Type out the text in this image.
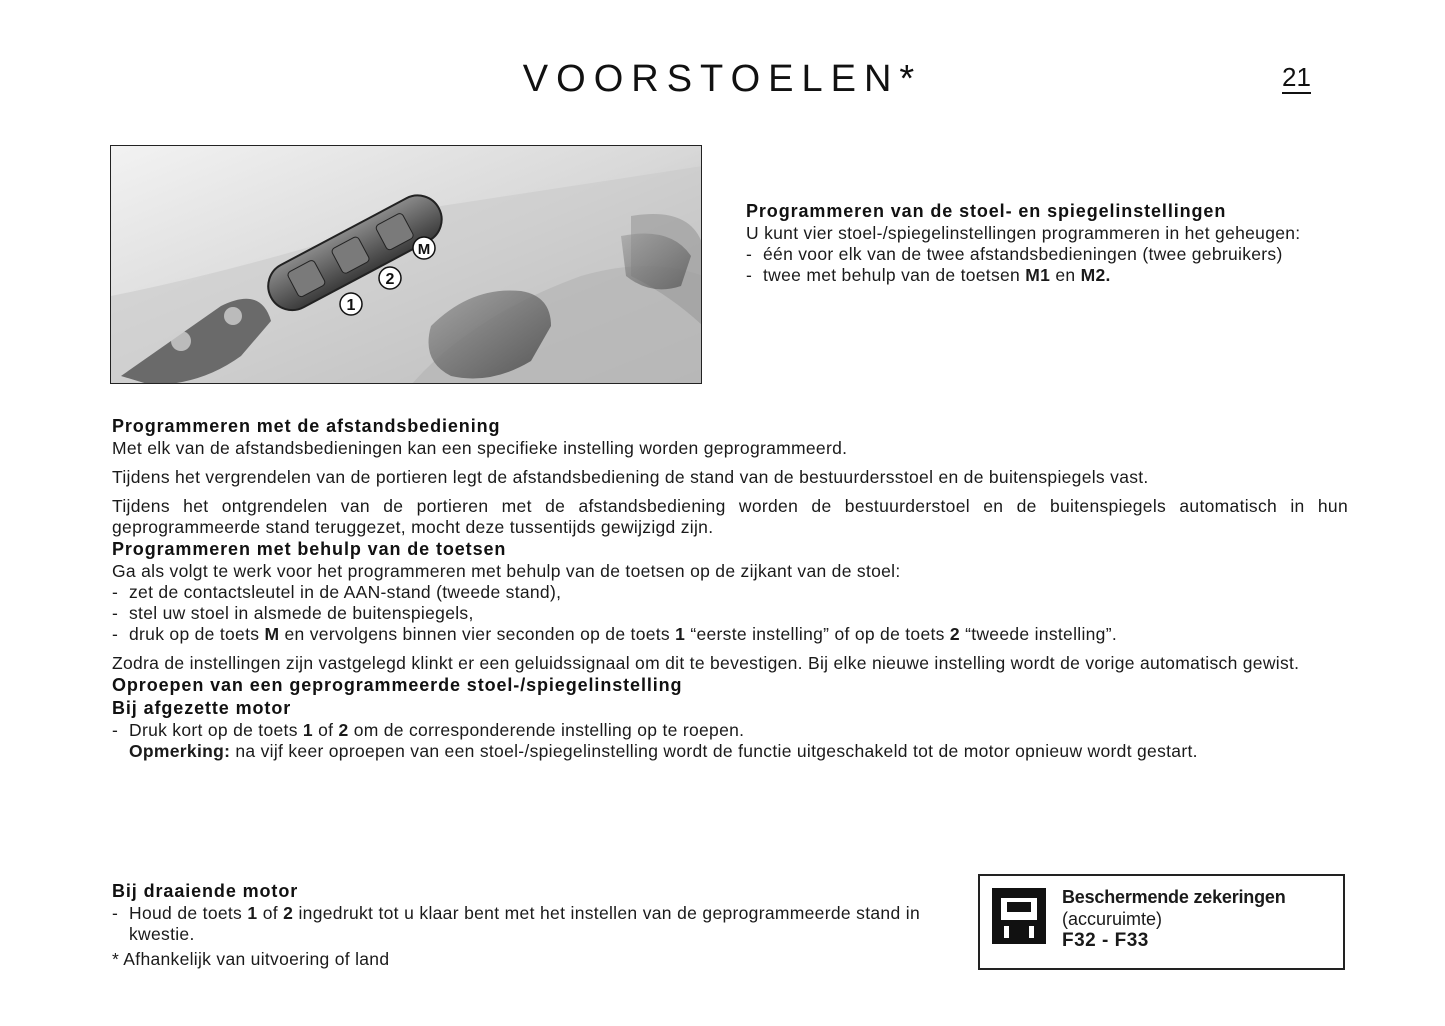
VOORSTOELEN*	21
1
2
M
Programmeren van de stoel- en spiegelinstellingen

U kunt vier stoel-/spiegelinstellingen programmeren in het geheugen:

- één voor elk van de twee afstandsbedieningen (twee gebruikers)
- twee met behulp van de toetsen M1 en M2.
Programmeren met de afstandsbediening

Met elk van de afstandsbedieningen kan een specifieke instelling worden geprogrammeerd.

Tijdens het vergrendelen van de portieren legt de afstandsbediening de stand van de bestuurdersstoel en de buitenspiegels vast.

Tijdens het ontgrendelen van de portieren met de afstandsbediening worden de bestuurderstoel en de buitenspiegels automatisch in hun geprogrammeerde stand teruggezet, mocht deze tussentijds gewijzigd zijn.

Programmeren met behulp van de toetsen

Ga als volgt te werk voor het programmeren met behulp van de toetsen op de zijkant van de stoel:

- zet de contactsleutel in de AAN-stand (tweede stand),
- stel uw stoel in alsmede de buitenspiegels,
- druk op de toets M en vervolgens binnen vier seconden op de toets 1 “eerste instelling” of op de toets 2 “tweede instelling”.

Zodra de instellingen zijn vastgelegd klinkt er een geluidssignaal om dit te bevestigen. Bij elke nieuwe instelling wordt de vorige automatisch gewist.

Oproepen van een geprogrammeerde stoel-/spiegelinstelling
Bij afgezette motor
- Druk kort op de toets 1 of 2 om de corresponderende instelling op te roepen.

Opmerking: na vijf keer oproepen van een stoel-/spiegelinstelling wordt de functie uitgeschakeld tot de motor opnieuw wordt gestart.

Bij draaiende motor
- Houd de toets 1 of 2 ingedrukt tot u klaar bent met het instellen van de geprogrammeerde stand in kwestie.
* Afhankelijk van uitvoering of land
Beschermende zekeringen
(accuruimte)
F32 - F33
